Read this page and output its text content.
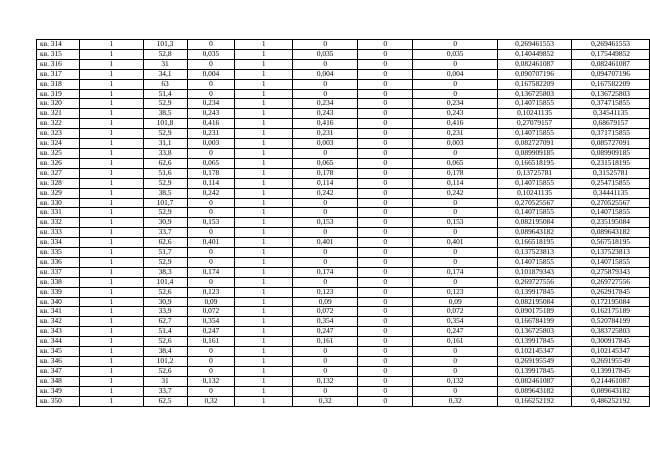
кв. 314	1	101,3	0	1	0	0	0	0,269461553	0,269461553
кв. 315	1	52,8	0,035	1	0,035	0	0,035	0,140449852	0,175449852
кв. 316	1	31	0	1	0	0	0	0,082461087	0,082461087
кв. 317	1	34,1	0,004	1	0,004	0	0,004	0,090707196	0,094707196
кв. 318	1	63	0	1	0	0	0	0,167582209	0,167582209
кв. 319	1	51,4	0	1	0	0	0	0,136725803	0,136725803
кв. 320	1	52,9	0,234	1	0,234	0	0,234	0,140715855	0,374715855
кв. 321	1	38,5	0,243	1	0,243	0	0,243	0,10241135	0,34541135
кв. 322	1	101,8	0,416	1	0,416	0	0,416	0,27079157	0,68679157
кв. 323	1	52,9	0,231	1	0,231	0	0,231	0,140715855	0,371715855
кв. 324	1	31,1	0,003	1	0,003	0	0,003	0,082727091	0,085727091
кв. 325	1	33,8	0	1	0	0	0	0,089909185	0,089909185
кв. 326	1	62,6	0,065	1	0,065	0	0,065	0,166518195	0,231518195
кв. 327	1	51,6	0,178	1	0,178	0	0,178	0,13725781	0,31525781
кв. 328	1	52,9	0,114	1	0,114	0	0,114	0,140715855	0,254715855
кв. 329	1	38,5	0,242	1	0,242	0	0,242	0,10241135	0,34441135
кв. 330	1	101,7	0	1	0	0	0	0,270525567	0,270525567
кв. 331	1	52,9	0	1	0	0	0	0,140715855	0,140715855
кв. 332	1	30,9	0,153	1	0,153	0	0,153	0,082195084	0,235195084
кв. 333	1	33,7	0	1	0	0	0	0,089643182	0,089643182
кв. 334	1	62,6	0,401	1	0,401	0	0,401	0,166518195	0,567518195
кв. 335	1	51,7	0	1	0	0	0	0,137523813	0,137523813
кв. 336	1	52,9	0	1	0	0	0	0,140715855	0,140715855
кв. 337	1	38,3	0,174	1	0,174	0	0,174	0,101879343	0,275879343
кв. 338	1	101,4	0	1	0	0	0	0,269727556	0,269727556
кв. 339	1	52,6	0,123	1	0,123	0	0,123	0,139917845	0,262917845
кв. 340	1	30,9	0,09	1	0,09	0	0,09	0,082195084	0,172195084
кв. 341	1	33,9	0,072	1	0,072	0	0,072	0,090175189	0,162175189
кв. 342	1	62,7	0,354	1	0,354	0	0,354	0,166784199	0,520784199
кв. 343	1	51,4	0,247	1	0,247	0	0,247	0,136725803	0,383725803
кв. 344	1	52,6	0,161	1	0,161	0	0,161	0,139917845	0,300917845
кв. 345	1	38,4	0	1	0	0	0	0,102145347	0,102145347
кв. 346	1	101,2	0	1	0	0	0	0,269195549	0,269195549
кв. 347	1	52,6	0	1	0	0	0	0,139917845	0,139917845
кв. 348	1	31	0,132	1	0,132	0	0,132	0,082461087	0,214461087
кв. 349	1	33,7	0	1	0	0	0	0,089643182	0,089643182
кв. 350	1	62,5	0,32	1	0,32	0	0,32	0,166252192	0,486252192
